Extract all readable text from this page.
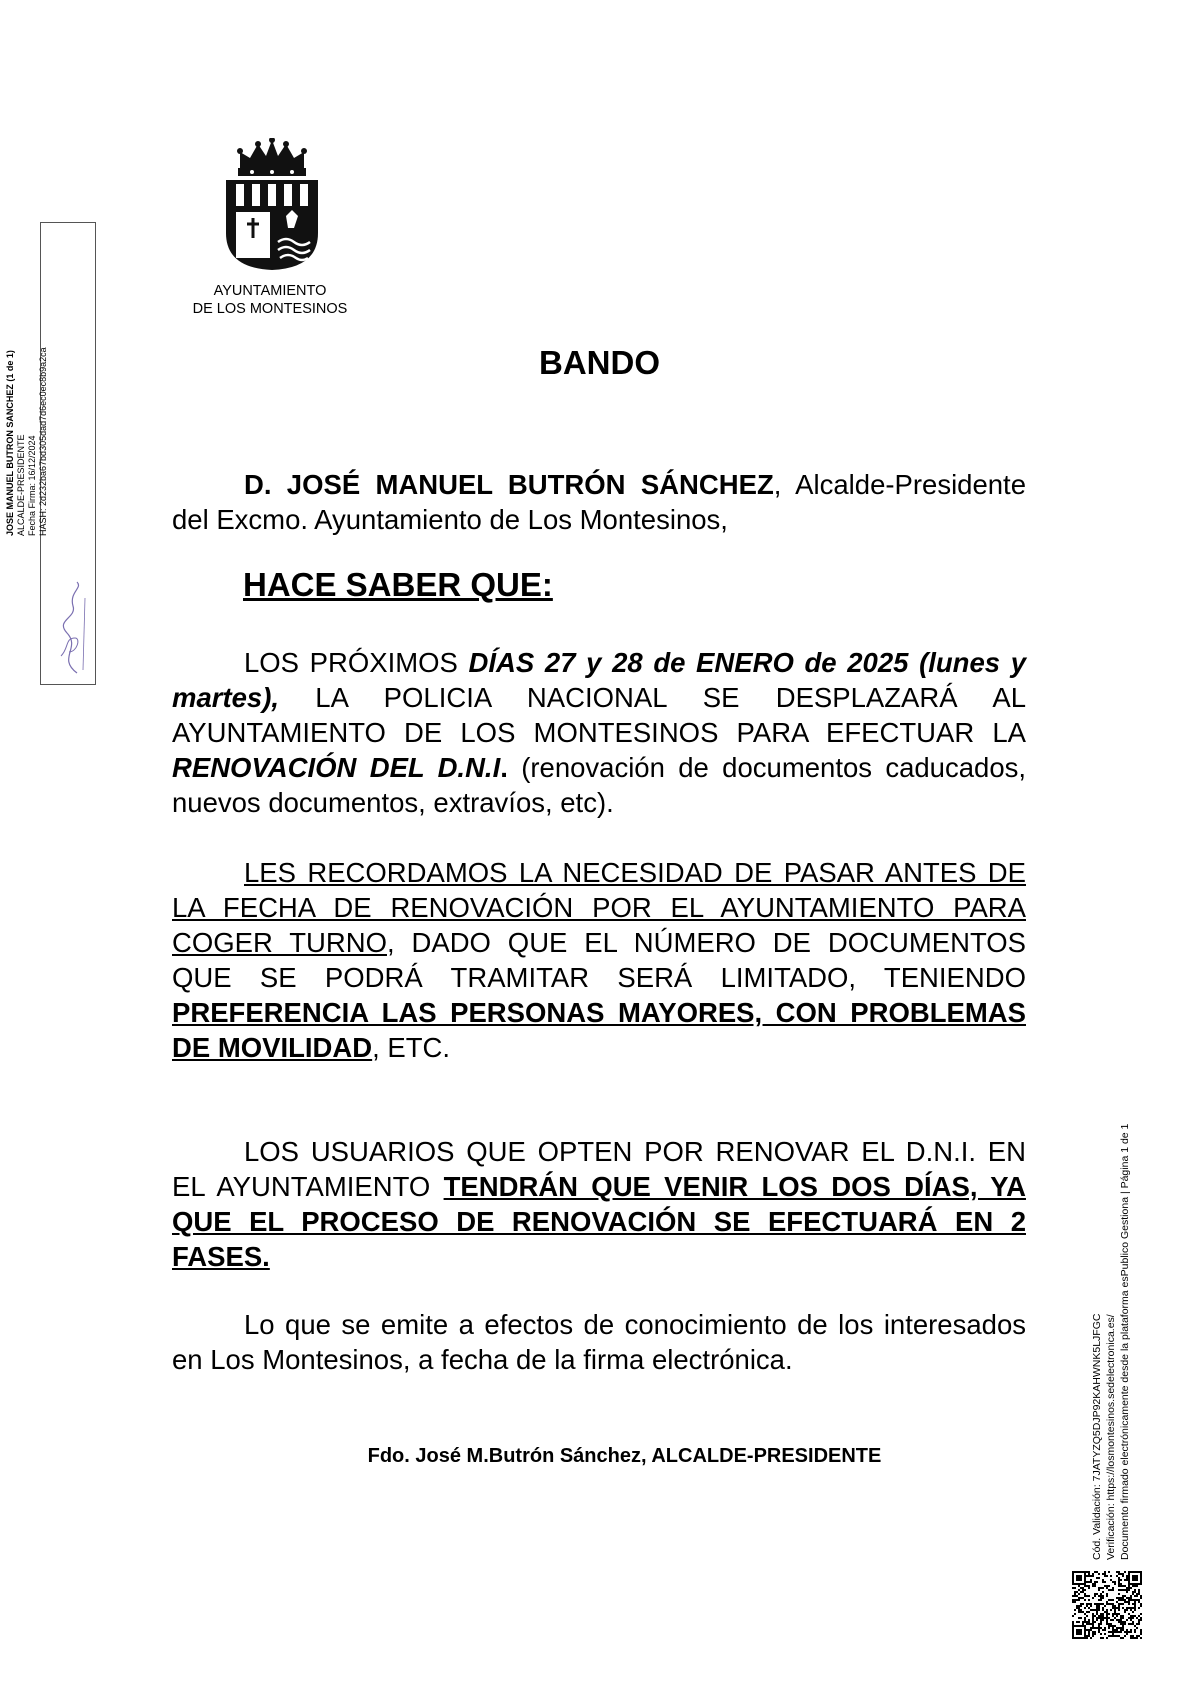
AYUNTAMIENTO
DE LOS MONTESINOS
BANDO
D. JOSÉ MANUEL BUTRÓN SÁNCHEZ, Alcalde-Presidente del Excmo. Ayuntamiento de Los Montesinos,
HACE SABER QUE:
LOS PRÓXIMOS DÍAS 27 y 28 de ENERO de 2025 (lunes y martes), LA POLICIA NACIONAL SE DESPLAZARÁ AL AYUNTAMIENTO DE LOS MONTESINOS PARA EFECTUAR LA RENOVACIÓN DEL D.N.I. (renovación de documentos caducados, nuevos documentos, extravíos, etc).
LES RECORDAMOS LA NECESIDAD DE PASAR ANTES DE LA FECHA DE RENOVACIÓN POR EL AYUNTAMIENTO PARA COGER TURNO, DADO QUE EL NÚMERO DE DOCUMENTOS QUE SE PODRÁ TRAMITAR SERÁ LIMITADO, TENIENDO PREFERENCIA LAS PERSONAS MAYORES, CON PROBLEMAS DE MOVILIDAD, ETC.
LOS USUARIOS QUE OPTEN POR RENOVAR EL D.N.I. EN EL AYUNTAMIENTO TENDRÁN QUE VENIR LOS DOS DÍAS, YA QUE EL PROCESO DE RENOVACIÓN SE EFECTUARÁ EN 2 FASES.
Lo que se emite a efectos de conocimiento de los interesados en Los Montesinos, a fecha de la firma electrónica.
Fdo. José M.Butrón Sánchez, ALCALDE-PRESIDENTE
JOSE MANUEL BUTRON SANCHEZ (1 de 1) ALCALDE-PRESIDENTE Fecha Firma: 16/12/2024 HASH: 2d232ba67bd305dad7d6ec0ec8b9a2ca
Cód. Validación: 7JATYZQ5DJP92KAHWNK5LJFGC Verificación: https://losmontesinos.sedelectronica.es/ Documento firmado electrónicamente desde la plataforma esPublico Gestiona | Página 1 de 1
